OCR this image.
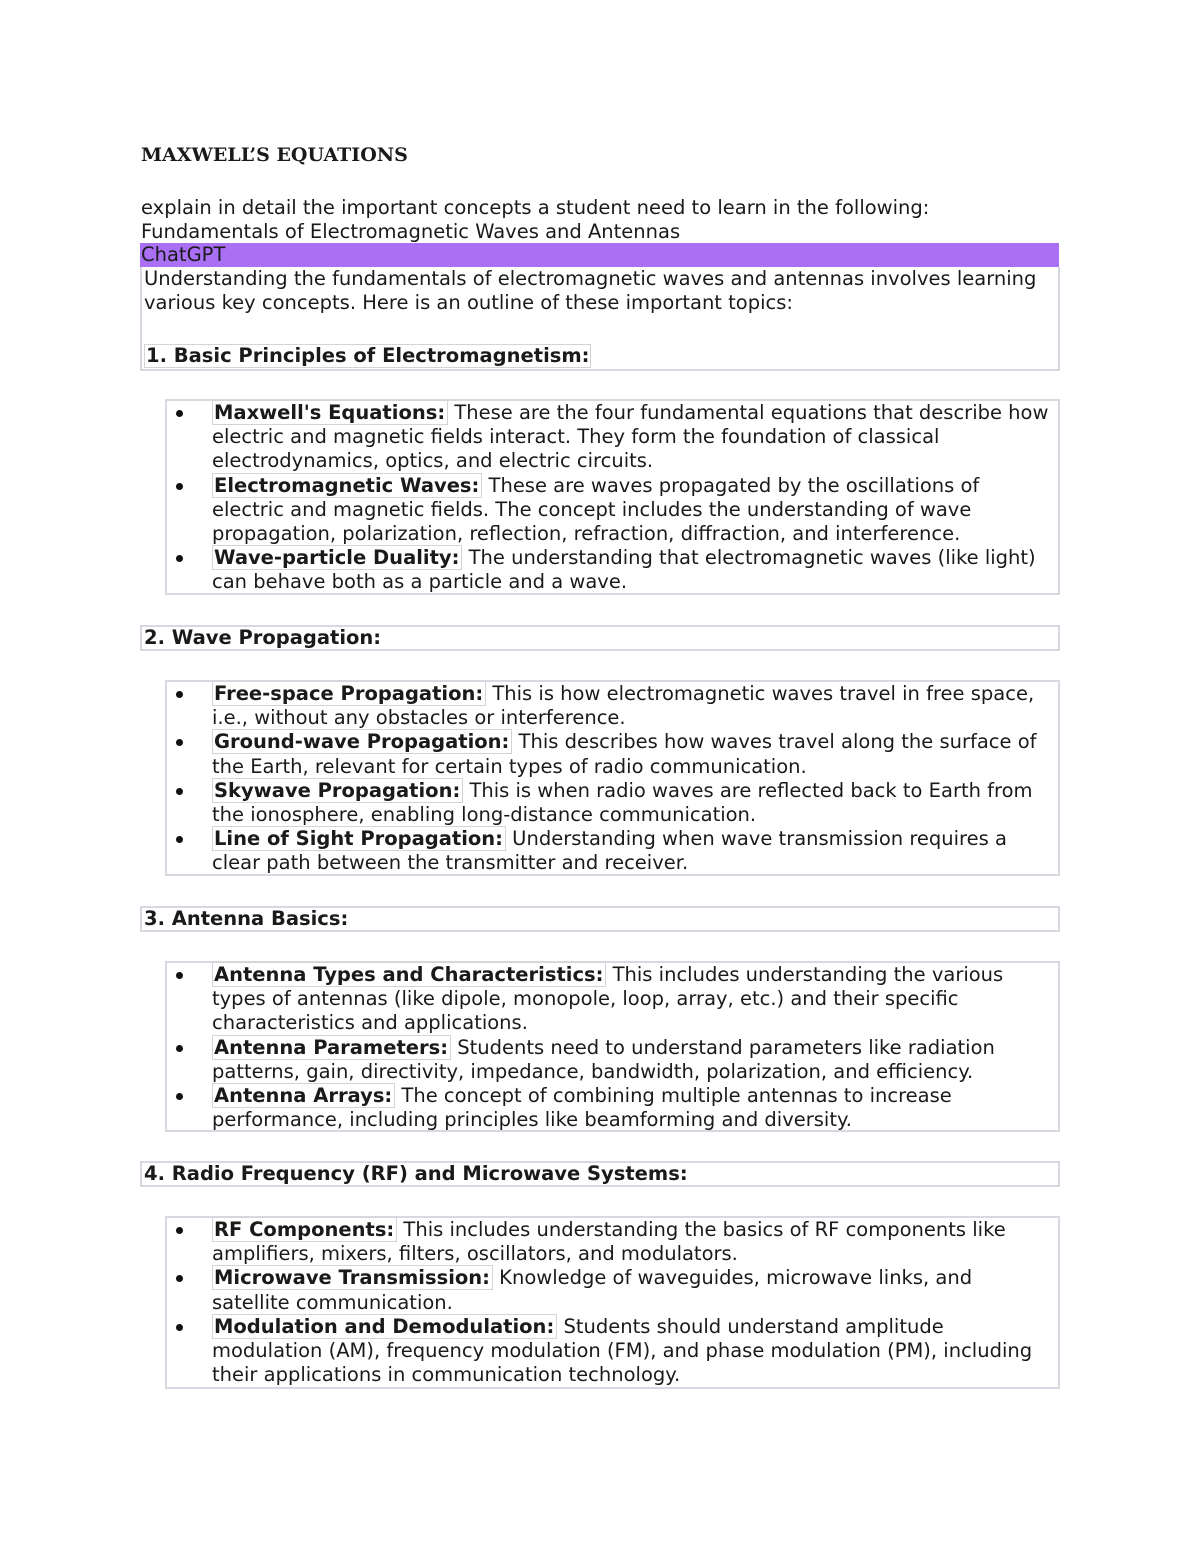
MAXWELL’S EQUATIONS
explain in detail the important concepts a student need to learn in the following:
Fundamentals of Electromagnetic Waves and Antennas
ChatGPT
Understanding the fundamentals of electromagnetic waves and antennas involves learning various key concepts. Here is an outline of these important topics:
1. Basic Principles of Electromagnetism:
Maxwell's Equations: These are the four fundamental equations that describe how electric and magnetic fields interact. They form the foundation of classical electrodynamics, optics, and electric circuits.
Electromagnetic Waves: These are waves propagated by the oscillations of electric and magnetic fields. The concept includes the understanding of wave propagation, polarization, reflection, refraction, diffraction, and interference.
Wave-particle Duality: The understanding that electromagnetic waves (like light) can behave both as a particle and a wave.
2. Wave Propagation:
Free-space Propagation: This is how electromagnetic waves travel in free space, i.e., without any obstacles or interference.
Ground-wave Propagation: This describes how waves travel along the surface of the Earth, relevant for certain types of radio communication.
Skywave Propagation: This is when radio waves are reflected back to Earth from the ionosphere, enabling long-distance communication.
Line of Sight Propagation: Understanding when wave transmission requires a clear path between the transmitter and receiver.
3. Antenna Basics:
Antenna Types and Characteristics: This includes understanding the various types of antennas (like dipole, monopole, loop, array, etc.) and their specific characteristics and applications.
Antenna Parameters: Students need to understand parameters like radiation patterns, gain, directivity, impedance, bandwidth, polarization, and efficiency.
Antenna Arrays: The concept of combining multiple antennas to increase performance, including principles like beamforming and diversity.
4. Radio Frequency (RF) and Microwave Systems:
RF Components: This includes understanding the basics of RF components like amplifiers, mixers, filters, oscillators, and modulators.
Microwave Transmission: Knowledge of waveguides, microwave links, and satellite communication.
Modulation and Demodulation: Students should understand amplitude modulation (AM), frequency modulation (FM), and phase modulation (PM), including their applications in communication technology.
